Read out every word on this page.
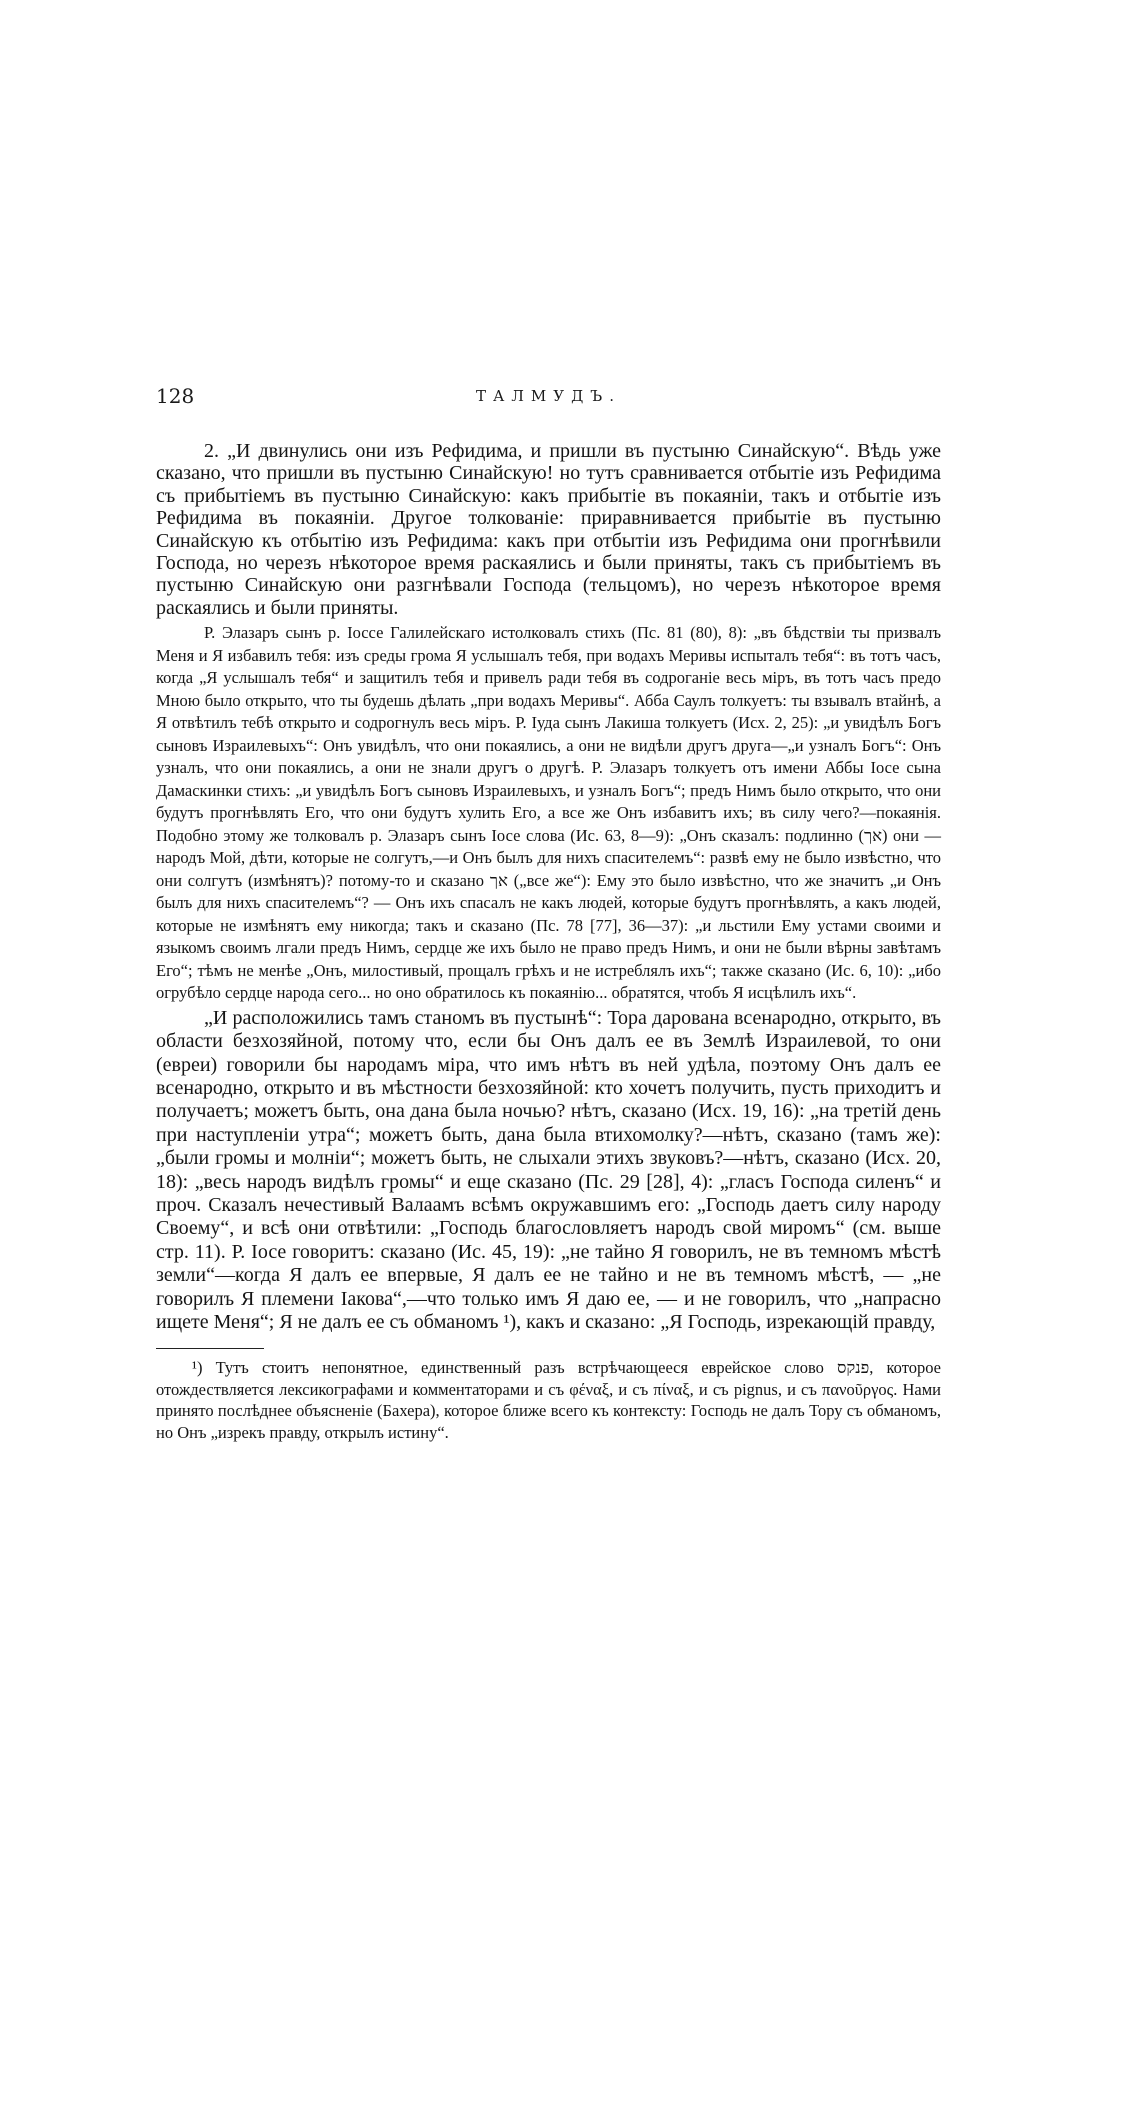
128	ТАЛМУДЪ.

2. „И двинулись они изъ Рефидима, и пришли въ пустыню Синайскую“. Вѣдь уже сказано, что пришли въ пустыню Синайскую! но тутъ сравнивается отбытіе изъ Рефидима съ прибытіемъ въ пустыню Синайскую: какъ прибытіе въ покаяніи, такъ и отбытіе изъ Рефидима въ покаяніи. Другое толкованіе: приравнивается прибытіе въ пустыню Синайскую къ отбытію изъ Рефидима: какъ при отбытіи изъ Рефидима они прогнѣвили Господа, но черезъ нѣкоторое время раскаялись и были приняты, такъ съ прибытіемъ въ пустыню Синайскую они разгнѣвали Господа (тельцомъ), но черезъ нѣкоторое время раскаялись и были приняты.

Р. Элазаръ сынъ р. Іоссе Галилейскаго истолковалъ стихъ (Пс. 81 (80), 8): „въ бѣдствіи ты призвалъ Меня и Я избавилъ тебя: изъ среды грома Я услышалъ тебя, при водахъ Меривы испыталъ тебя“: въ тотъ часъ, когда „Я услышалъ тебя“ и защитилъ тебя и привелъ ради тебя въ содроганіе весь міръ, въ тотъ часъ предо Мною было открыто, что ты будешь дѣлать „при водахъ Меривы“. Абба Саулъ толкуетъ: ты взывалъ втайнѣ, а Я отвѣтилъ тебѣ открыто и содрогнулъ весь міръ. Р. Іуда сынъ Лакиша толкуетъ (Исх. 2, 25): „и увидѣлъ Богъ сыновъ Израилевыхъ“: Онъ увидѣлъ, что они покаялись, а они не видѣли другъ друга—„и узналъ Богъ“: Онъ узналъ, что они покаялись, а они не знали другъ о другѣ. Р. Элазаръ толкуетъ отъ имени Аббы Іосе сына Дамаскинки стихъ: „и увидѣлъ Богъ сыновъ Израилевыхъ, и узналъ Богъ“; предъ Нимъ было открыто, что они будутъ прогнѣвлять Его, что они будутъ хулить Его, а все же Онъ избавитъ ихъ; въ силу чего?—покаянія. Подобно этому же толковалъ р. Элазаръ сынъ Іосе слова (Ис. 63, 8—9): „Онъ сказалъ: подлинно (אך) они — народъ Мой, дѣти, которые не солгутъ,—и Онъ былъ для нихъ спасителемъ“: развѣ ему не было извѣстно, что они солгутъ (измѣнятъ)? потому-то и сказано אך („все же“): Ему это было извѣстно, что же значитъ „и Онъ былъ для нихъ спасителемъ“? — Онъ ихъ спасалъ не какъ людей, которые будутъ прогнѣвлять, а какъ людей, которые не измѣнятъ ему никогда; такъ и сказано (Пс. 78 [77], 36—37): „и льстили Ему устами своими и языкомъ своимъ лгали предъ Нимъ, сердце же ихъ было не право предъ Нимъ, и они не были вѣрны завѣтамъ Его“; тѣмъ не менѣе „Онъ, милостивый, прощалъ грѣхъ и не истреблялъ ихъ“; также сказано (Ис. 6, 10): „ибо огрубѣло сердце народа сего... но оно обратилось къ покаянію... обратятся, чтобъ Я исцѣлилъ ихъ“.

„И расположились тамъ станомъ въ пустынѣ“: Тора дарована всенародно, открыто, въ области безхозяйной, потому что, если бы Онъ далъ ее въ Землѣ Израилевой, то они (евреи) говорили бы народамъ міра, что имъ нѣтъ въ ней удѣла, поэтому Онъ далъ ее всенародно, открыто и въ мѣстности безхозяйной: кто хочетъ получить, пусть приходитъ и получаетъ; можетъ быть, она дана была ночью? нѣтъ, сказано (Исх. 19, 16): „на третій день при наступленіи утра“; можетъ быть, дана была втихомолку?—нѣтъ, сказано (тамъ же): „были громы и молніи“; можетъ быть, не слыхали этихъ звуковъ?—нѣтъ, сказано (Исх. 20, 18): „весь народъ видѣлъ громы“ и еще сказано (Пс. 29 [28], 4): „гласъ Господа силенъ“ и проч. Сказалъ нечестивый Валаамъ всѣмъ окружавшимъ его: „Господь даетъ силу народу Своему“, и всѣ они отвѣтили: „Господь благословляетъ народъ свой миромъ“ (см. выше стр. 11). Р. Іосе говоритъ: сказано (Ис. 45, 19): „не тайно Я говорилъ, не въ темномъ мѣстѣ земли“—когда Я далъ ее впервые, Я далъ ее не тайно и не въ темномъ мѣстѣ, — „не говорилъ Я племени Іакова“,—что только имъ Я даю ее, — и не говорилъ, что „напрасно ищете Меня“; Я не далъ ее съ обманомъ ¹), какъ и сказано: „Я Господь, изрекающій правду,

¹) Тутъ стоитъ непонятное, единственный разъ встрѣчающееся еврейское слово פנקס, которое отождествляется лексикографами и комментаторами и съ φέναξ, и съ πίναξ, и съ pignus, и съ πανοῦργος. Нами принято послѣднее объясненіе (Бахера), которое ближе всего къ контексту: Господь не далъ Тору съ обманомъ, но Онъ „изрекъ правду, открылъ истину“.
